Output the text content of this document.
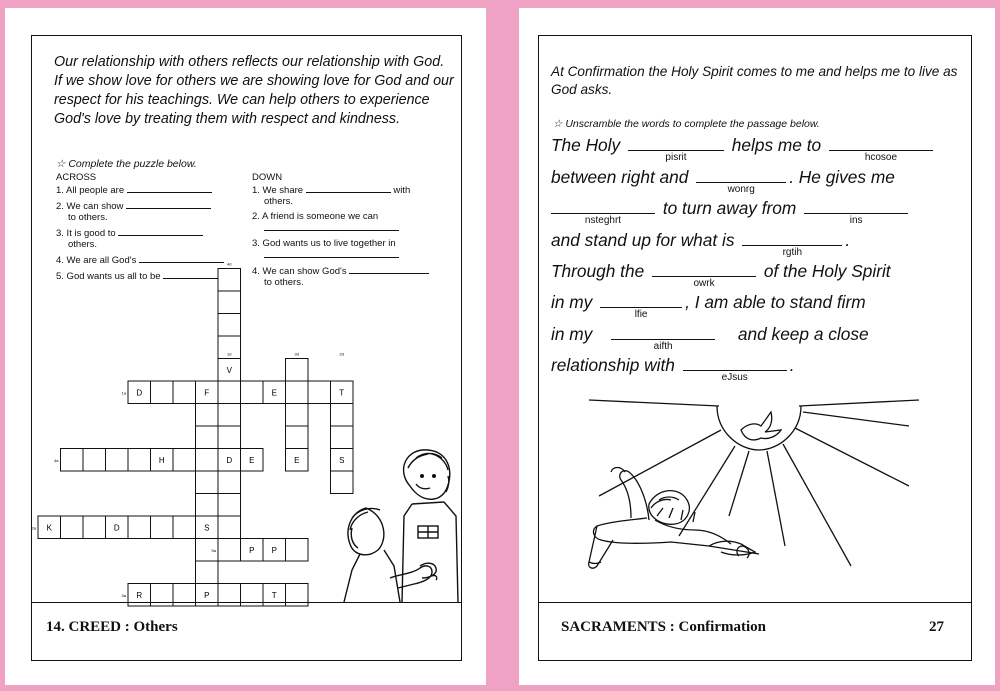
Our relationship with others reflects our relationship with God. If we show love for others we are showing love for God and our respect for his teachings. We can help others to experience God's love by treating them with respect and kindness.
☆ Complete the puzzle below.
ACROSS
1. All people are
2. We can show
to others.
3. It is good to
others.
4. We are all God's
5. God wants us all to be
DOWN
1. We share	with
others.
2. A friend is someone we can
3. God wants us to live together in
4. We can show God's
to others.
D	F	E	T
V
H	D E	E	S
K	D	S
P P
R	P	T
4d
1d	3d	2d
1a
4a
2a
5a
3a
14. CREED : Others
At Confirmation the Holy Spirit comes to me and helps me to live as God asks.
☆ Unscramble the words to complete the passage below.
The Holy
pisrit
helps me to
hcosoe
between right and
wonrg
. He gives me
nsteghrt
to turn away from
ins
and stand up for what is
rgtih
.
Through the
owrk
of the Holy Spirit
in my
lfie
, I am able to stand firm
in my
aifth
and keep a close
relationship with
eJsus
.
SACRAMENTS : Confirmation	27
